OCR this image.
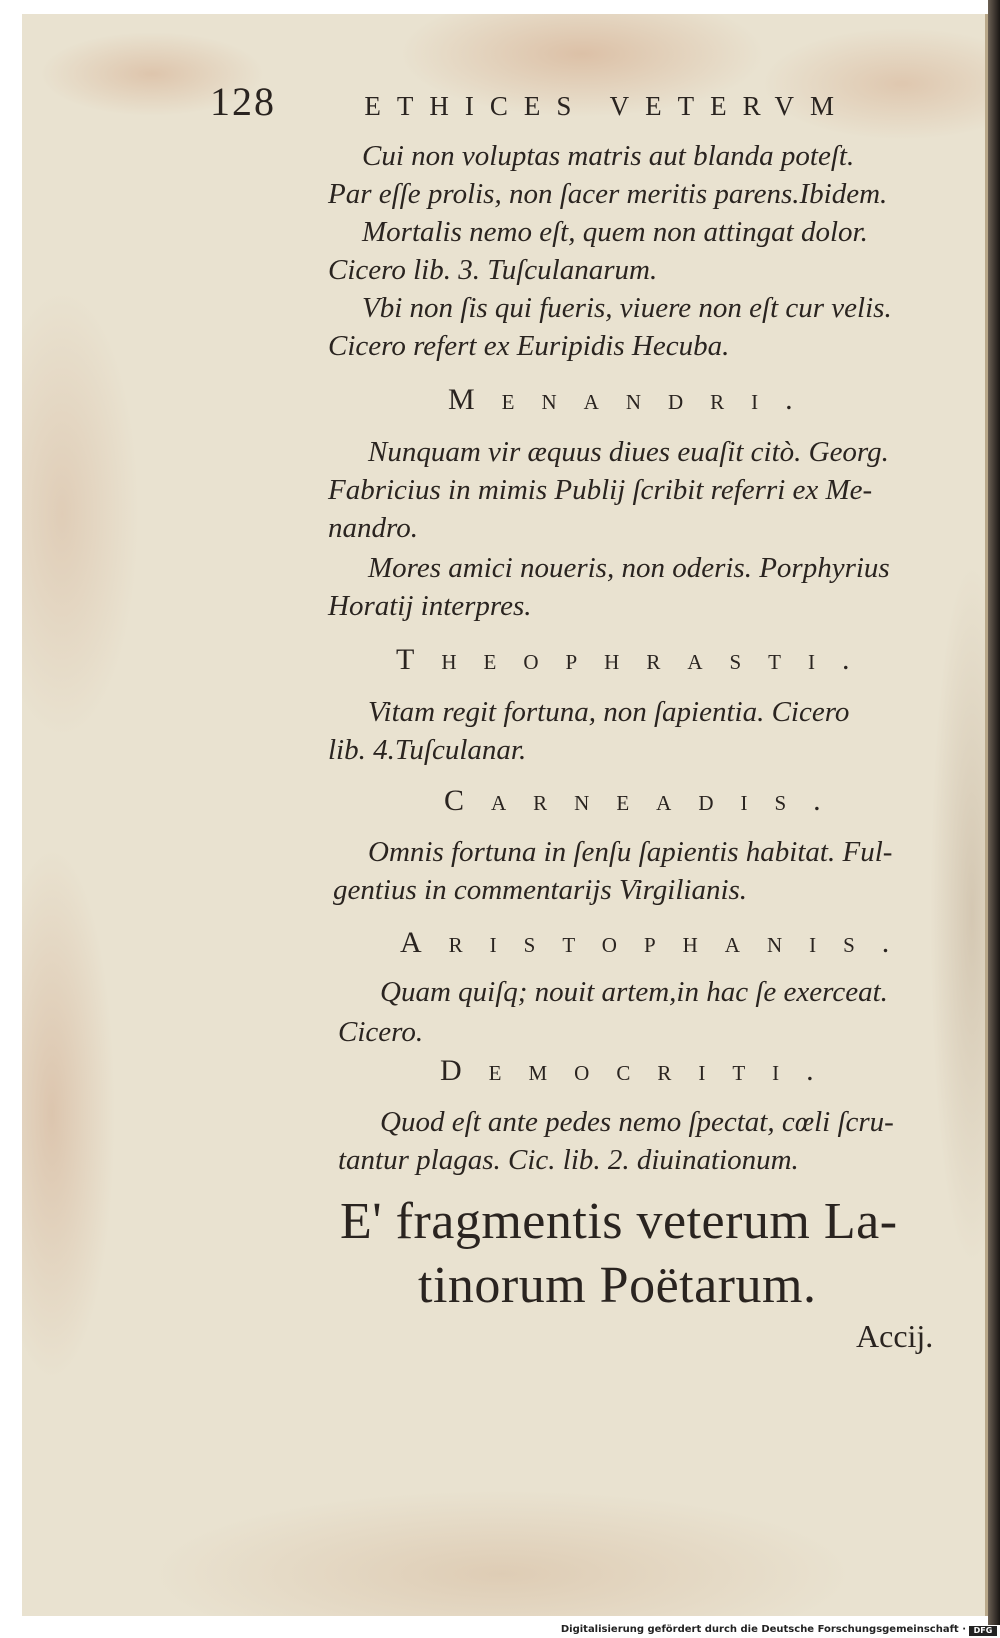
128	ETHICES VETERVM
Cui non voluptas matris aut blanda poteſt.
Par eſſe prolis, non ſacer meritis parens.Ibidem.
Mortalis nemo eſt, quem non attingat dolor.
Cicero lib. 3. Tuſculanarum.
Vbi non ſis qui fueris, viuere non eſt cur velis.
Cicero refert ex Euripidis Hecuba.
Menandri.
Nunquam vir æquus diues euaſit citò. Georg.
Fabricius in mimis Publij ſcribit referri ex Me-
nandro.
Mores amici noueris, non oderis. Porphyrius
Horatij interpres.
Theophrasti.
Vitam regit fortuna, non ſapientia. Cicero
lib. 4.Tuſculanar.
Carneadis.
Omnis fortuna in ſenſu ſapientis habitat. Ful-
gentius in commentarijs Virgilianis.
Aristophanis.
Quam quiſq; nouit artem,in hac ſe exerceat.
Cicero.
Democriti.
Quod eſt ante pedes nemo ſpectat, cœli ſcru-
tantur plagas. Cic. lib. 2. diuinationum.
E' fragmentis veterum La-
tinorum Poëtarum.
Accij.
Digitalisierung gefördert durch die Deutsche Forschungsgemeinschaft · DFG
